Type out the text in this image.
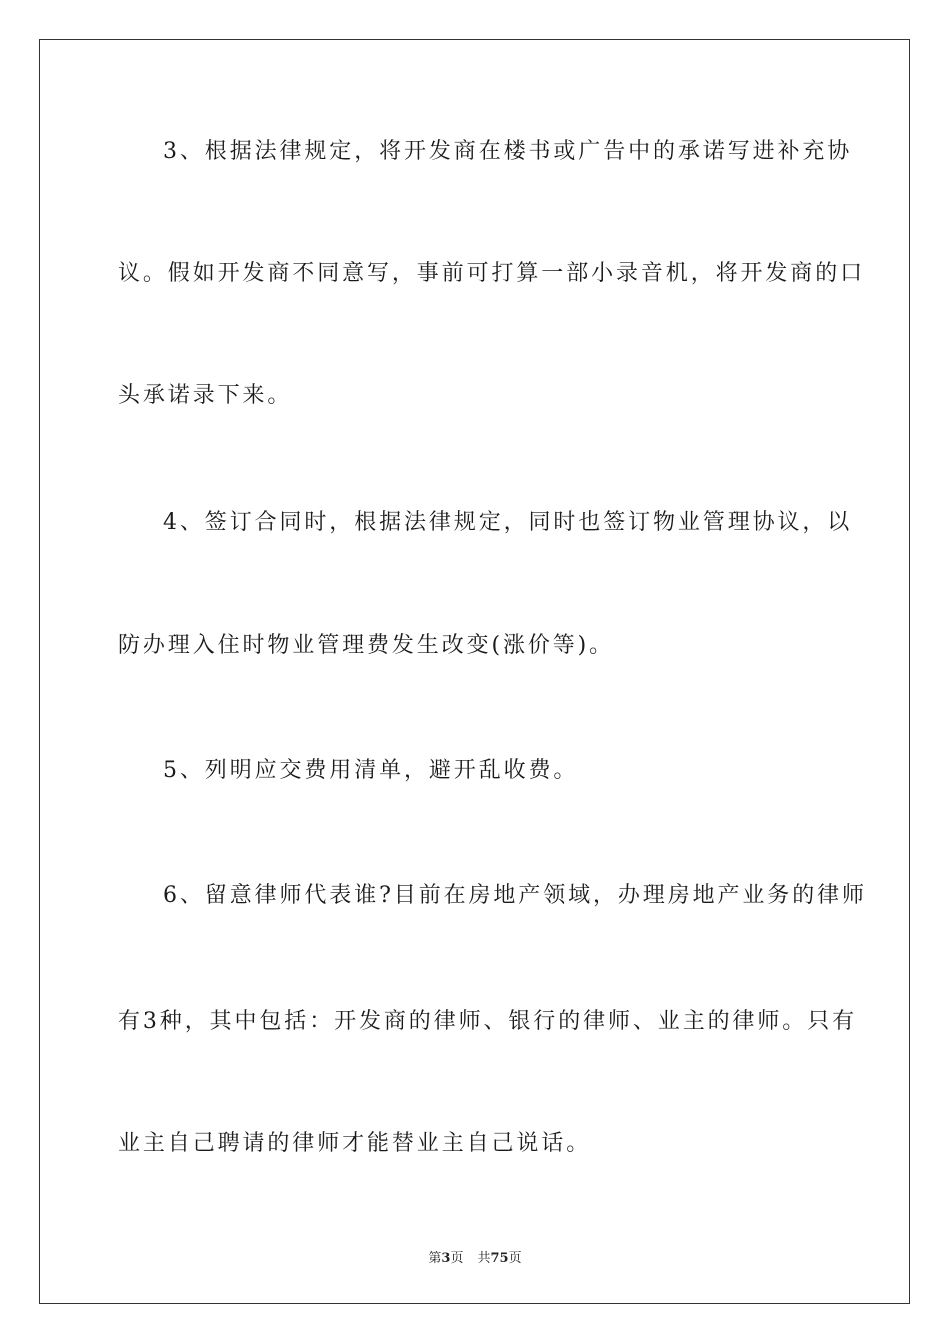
3、根据法律规定，将开发商在楼书或广告中的承诺写进补充协
议。假如开发商不同意写，事前可打算一部小录音机，将开发商的口
头承诺录下来。
4、签订合同时，根据法律规定，同时也签订物业管理协议，以
防办理入住时物业管理费发生改变(涨价等)。
5、列明应交费用清单，避开乱收费。
6、留意律师代表谁?目前在房地产领域，办理房地产业务的律师
有3种，其中包括：开发商的律师、银行的律师、业主的律师。只有
业主自己聘请的律师才能替业主自己说话。
第3页 共75页
